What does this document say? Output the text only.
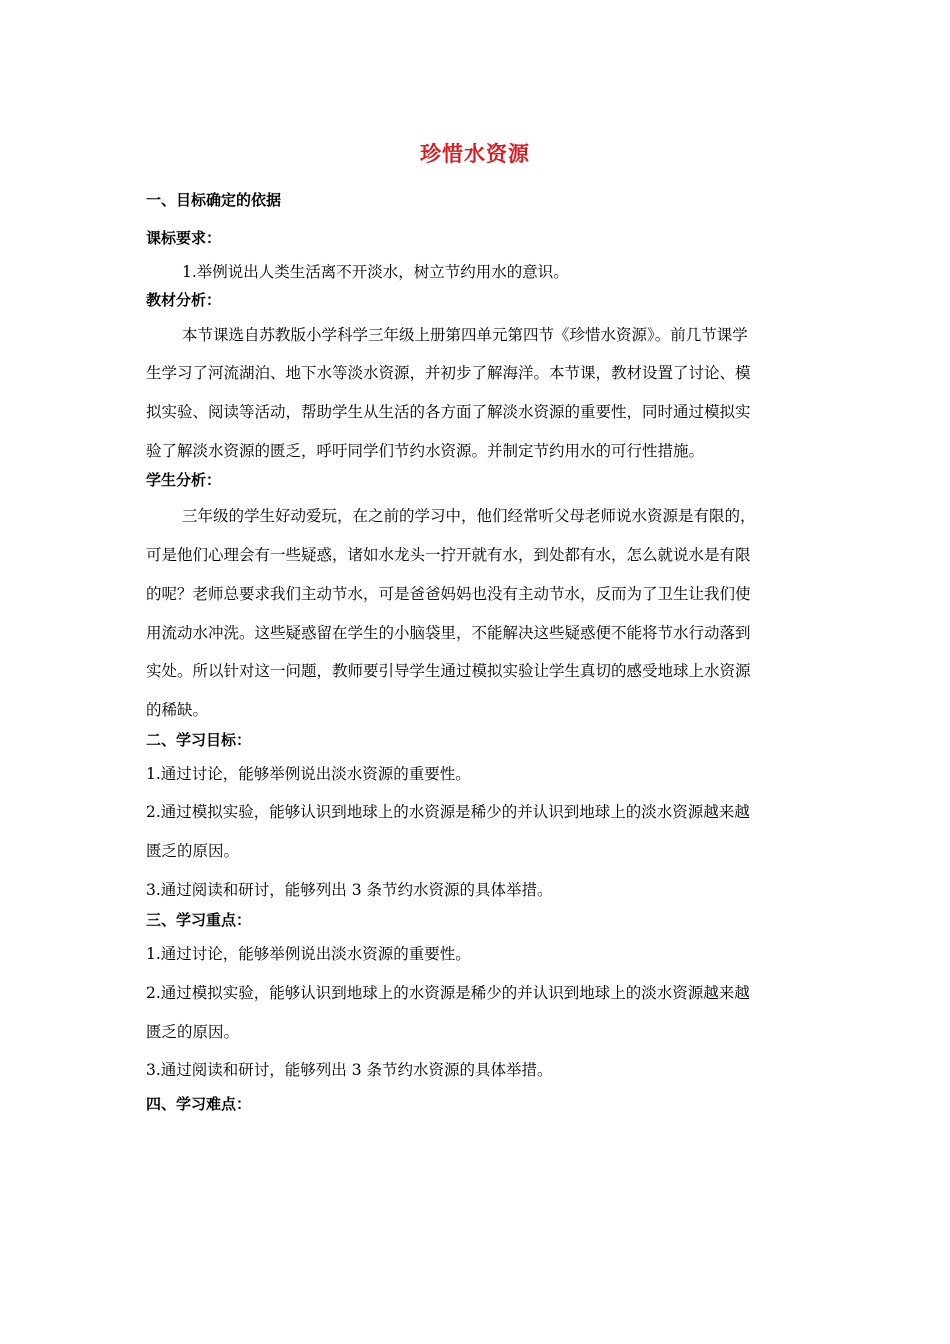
珍惜水资源
一、目标确定的依据
课标要求：
1.举例说出人类生活离不开淡水，树立节约用水的意识。
教材分析：
本节课选自苏教版小学科学三年级上册第四单元第四节《珍惜水资源》。前几节课学
生学习了河流湖泊、地下水等淡水资源，并初步了解海洋。本节课，教材设置了讨论、模
拟实验、阅读等活动，帮助学生从生活的各方面了解淡水资源的重要性，同时通过模拟实
验了解淡水资源的匮乏，呼吁同学们节约水资源。并制定节约用水的可行性措施。
学生分析：
三年级的学生好动爱玩，在之前的学习中，他们经常听父母老师说水资源是有限的，
可是他们心理会有一些疑惑，诸如水龙头一拧开就有水，到处都有水，怎么就说水是有限
的呢？老师总要求我们主动节水，可是爸爸妈妈也没有主动节水，反而为了卫生让我们使
用流动水冲洗。这些疑惑留在学生的小脑袋里，不能解决这些疑惑便不能将节水行动落到
实处。所以针对这一问题，教师要引导学生通过模拟实验让学生真切的感受地球上水资源
的稀缺。
二、学习目标：
1.通过讨论，能够举例说出淡水资源的重要性。
2.通过模拟实验，能够认识到地球上的水资源是稀少的并认识到地球上的淡水资源越来越
匮乏的原因。
3.通过阅读和研讨，能够列出 3 条节约水资源的具体举措。
三、学习重点：
1.通过讨论，能够举例说出淡水资源的重要性。
2.通过模拟实验，能够认识到地球上的水资源是稀少的并认识到地球上的淡水资源越来越
匮乏的原因。
3.通过阅读和研讨，能够列出 3 条节约水资源的具体举措。
四、学习难点：
